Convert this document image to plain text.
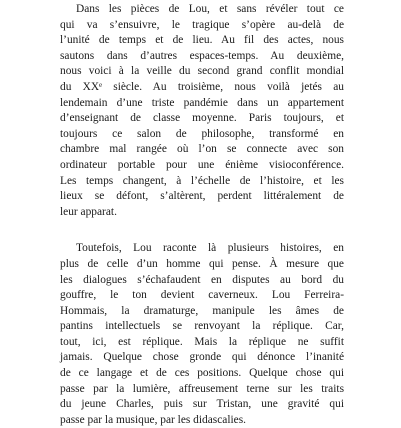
Dans les pièces de Lou, et sans révéler tout ce
qui va s’ensuivre, le tragique s’opère au-delà de
l’unité de temps et de lieu. Au fil des actes, nous
sautons dans d’autres espaces-temps. Au deuxième,
nous voici à la veille du second grand conflit mondial
du XXᵉ siècle. Au troisième, nous voilà jetés au
lendemain d’une triste pandémie dans un appartement
d’enseignant de classe moyenne. Paris toujours, et
toujours ce salon de philosophe, transformé en
chambre mal rangée où l’on se connecte avec son
ordinateur portable pour une énième visioconférence.
Les temps changent, à l’échelle de l’histoire, et les
lieux se défont, s’altèrent, perdent littéralement de
leur apparat.
Toutefois, Lou raconte là plusieurs histoires, en
plus de celle d’un homme qui pense. À mesure que
les dialogues s’échafaudent en disputes au bord du
gouffre, le ton devient caverneux. Lou Ferreira-
Hommais, la dramaturge, manipule les âmes de
pantins intellectuels se renvoyant la réplique. Car,
tout, ici, est réplique. Mais la réplique ne suffit
jamais. Quelque chose gronde qui dénonce l’inanité
de ce langage et de ces positions. Quelque chose qui
passe par la lumière, affreusement terne sur les traits
du jeune Charles, puis sur Tristan, une gravité qui
passe par la musique, par les didascalies.
